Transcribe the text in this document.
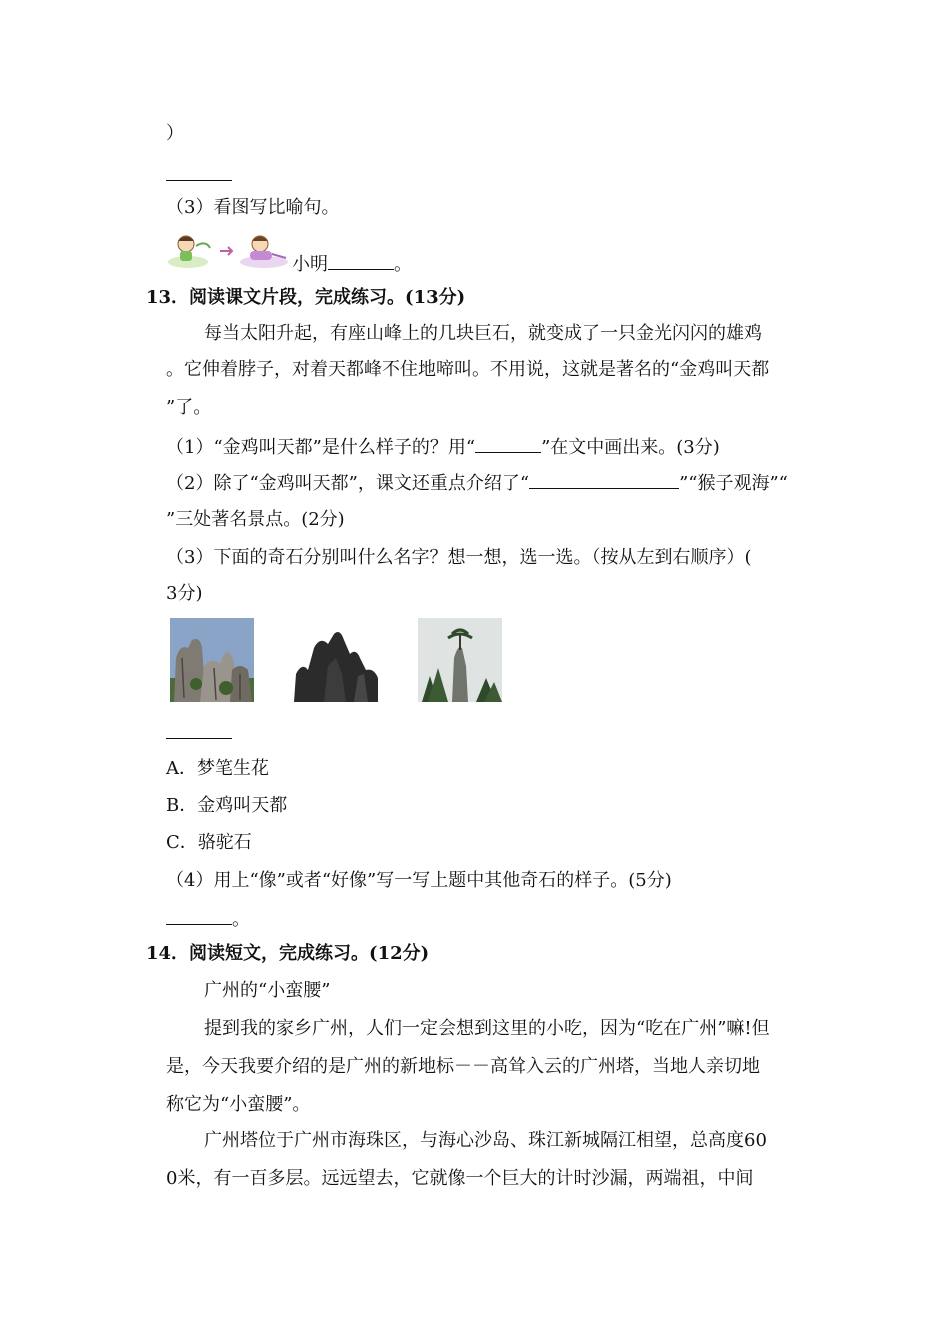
）
（3）看图写比喻句。
小明	。
13．阅读课文片段，完成练习。(13分)
每当太阳升起，有座山峰上的几块巨石，就变成了一只金光闪闪的雄鸡
。它伸着脖子，对着天都峰不住地啼叫。不用说，这就是著名的“金鸡叫天都
”了。
（1）“金鸡叫天都”是什么样子的？用“	”在文中画出来。(3分)
（2）除了“金鸡叫天都”，课文还重点介绍了“	”“猴子观海”“
”三处著名景点。(2分)
（3）下面的奇石分别叫什么名字？想一想，选一选。（按从左到右顺序）(
3分)
A．梦笔生花
B．金鸡叫天都
C．骆驼石
（4）用上“像”或者“好像”写一写上题中其他奇石的样子。(5分)
。
14．阅读短文，完成练习。(12分)
广州的“小蛮腰”
提到我的家乡广州，人们一定会想到这里的小吃，因为“吃在广州”嘛!但
是，今天我要介绍的是广州的新地标－－高耸入云的广州塔，当地人亲切地
称它为“小蛮腰”。
广州塔位于广州市海珠区，与海心沙岛、珠江新城隔江相望，总高度60
0米，有一百多层。远远望去，它就像一个巨大的计时沙漏，两端祖，中间
